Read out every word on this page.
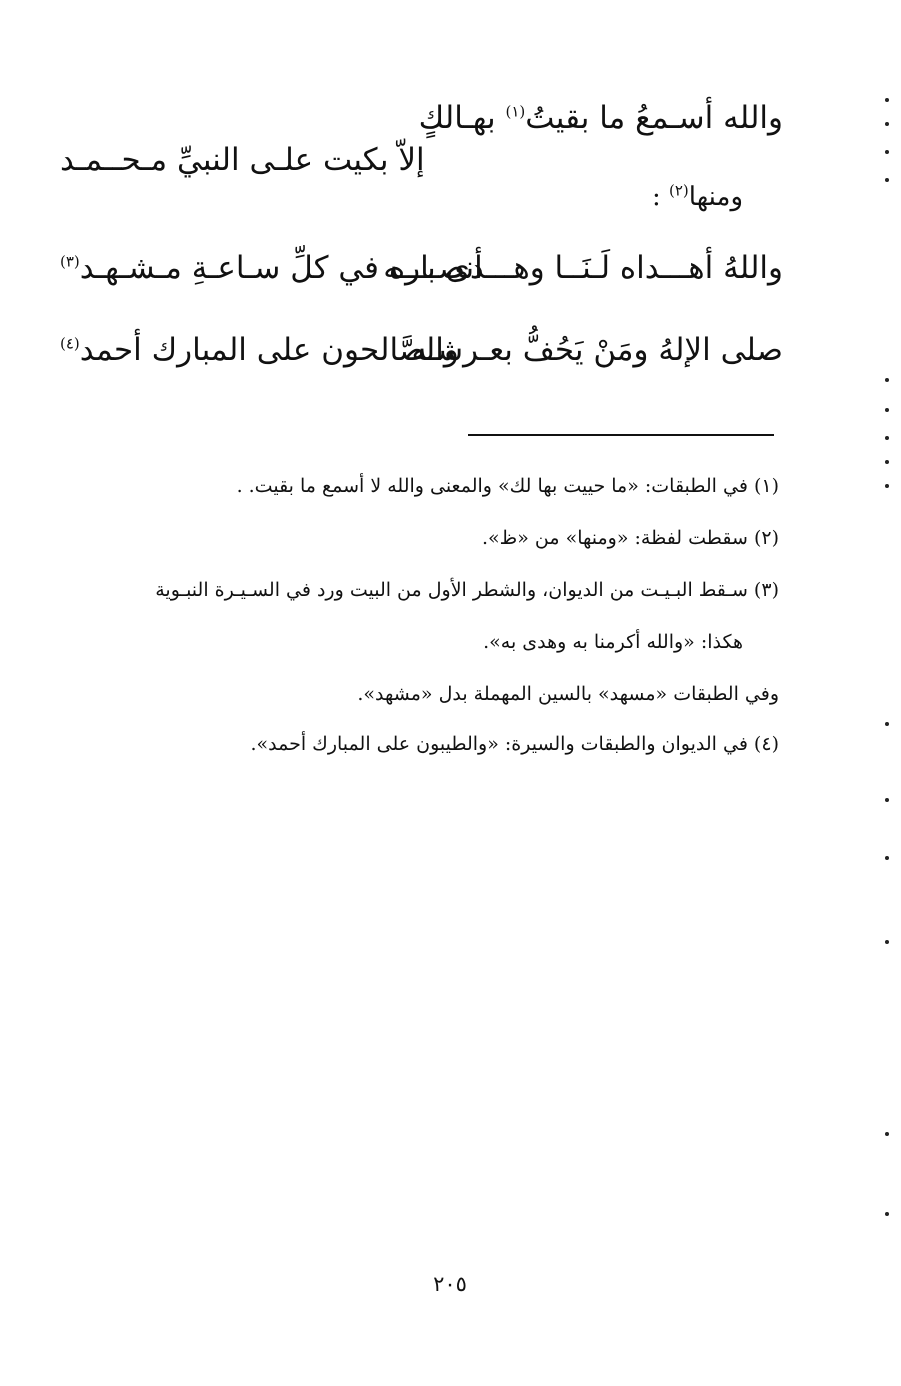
والله أسـمعُ ما بقيتُ$^{(١)}$ بهـالكٍ
إلاّ بكيت علـى النبيِّ مـحــمـد
ومنها$^{(٢)}$ :
واللهُ أهـــداه لَـنَــا وهـــدى بـــه
أنصـاره في كلِّ سـاعـةِ مـشـهـد$^{(٣)}$
صلى الإلهُ ومَنْ يَحُفُّ بعـرشـه
والصَّالحون على المبارك أحمد$^{(٤)}$
(١) في الطبقات: «ما حييت بها لك» والمعنى والله لا أسمع ما بقيت. .
(٢) سقطت لفظة: «ومنها» من «ظ».
(٣) سـقط البـيـت من الديوان، والشطر الأول من البيت ورد في السـيـرة النبـوية
هكذا: «والله أكرمنا به وهدى به».
وفي الطبقات «مسهد» بالسين المهملة بدل «مشهد».
(٤) في الديوان والطبقات والسيرة: «والطيبون على المبارك أحمد».
٢٠٥
